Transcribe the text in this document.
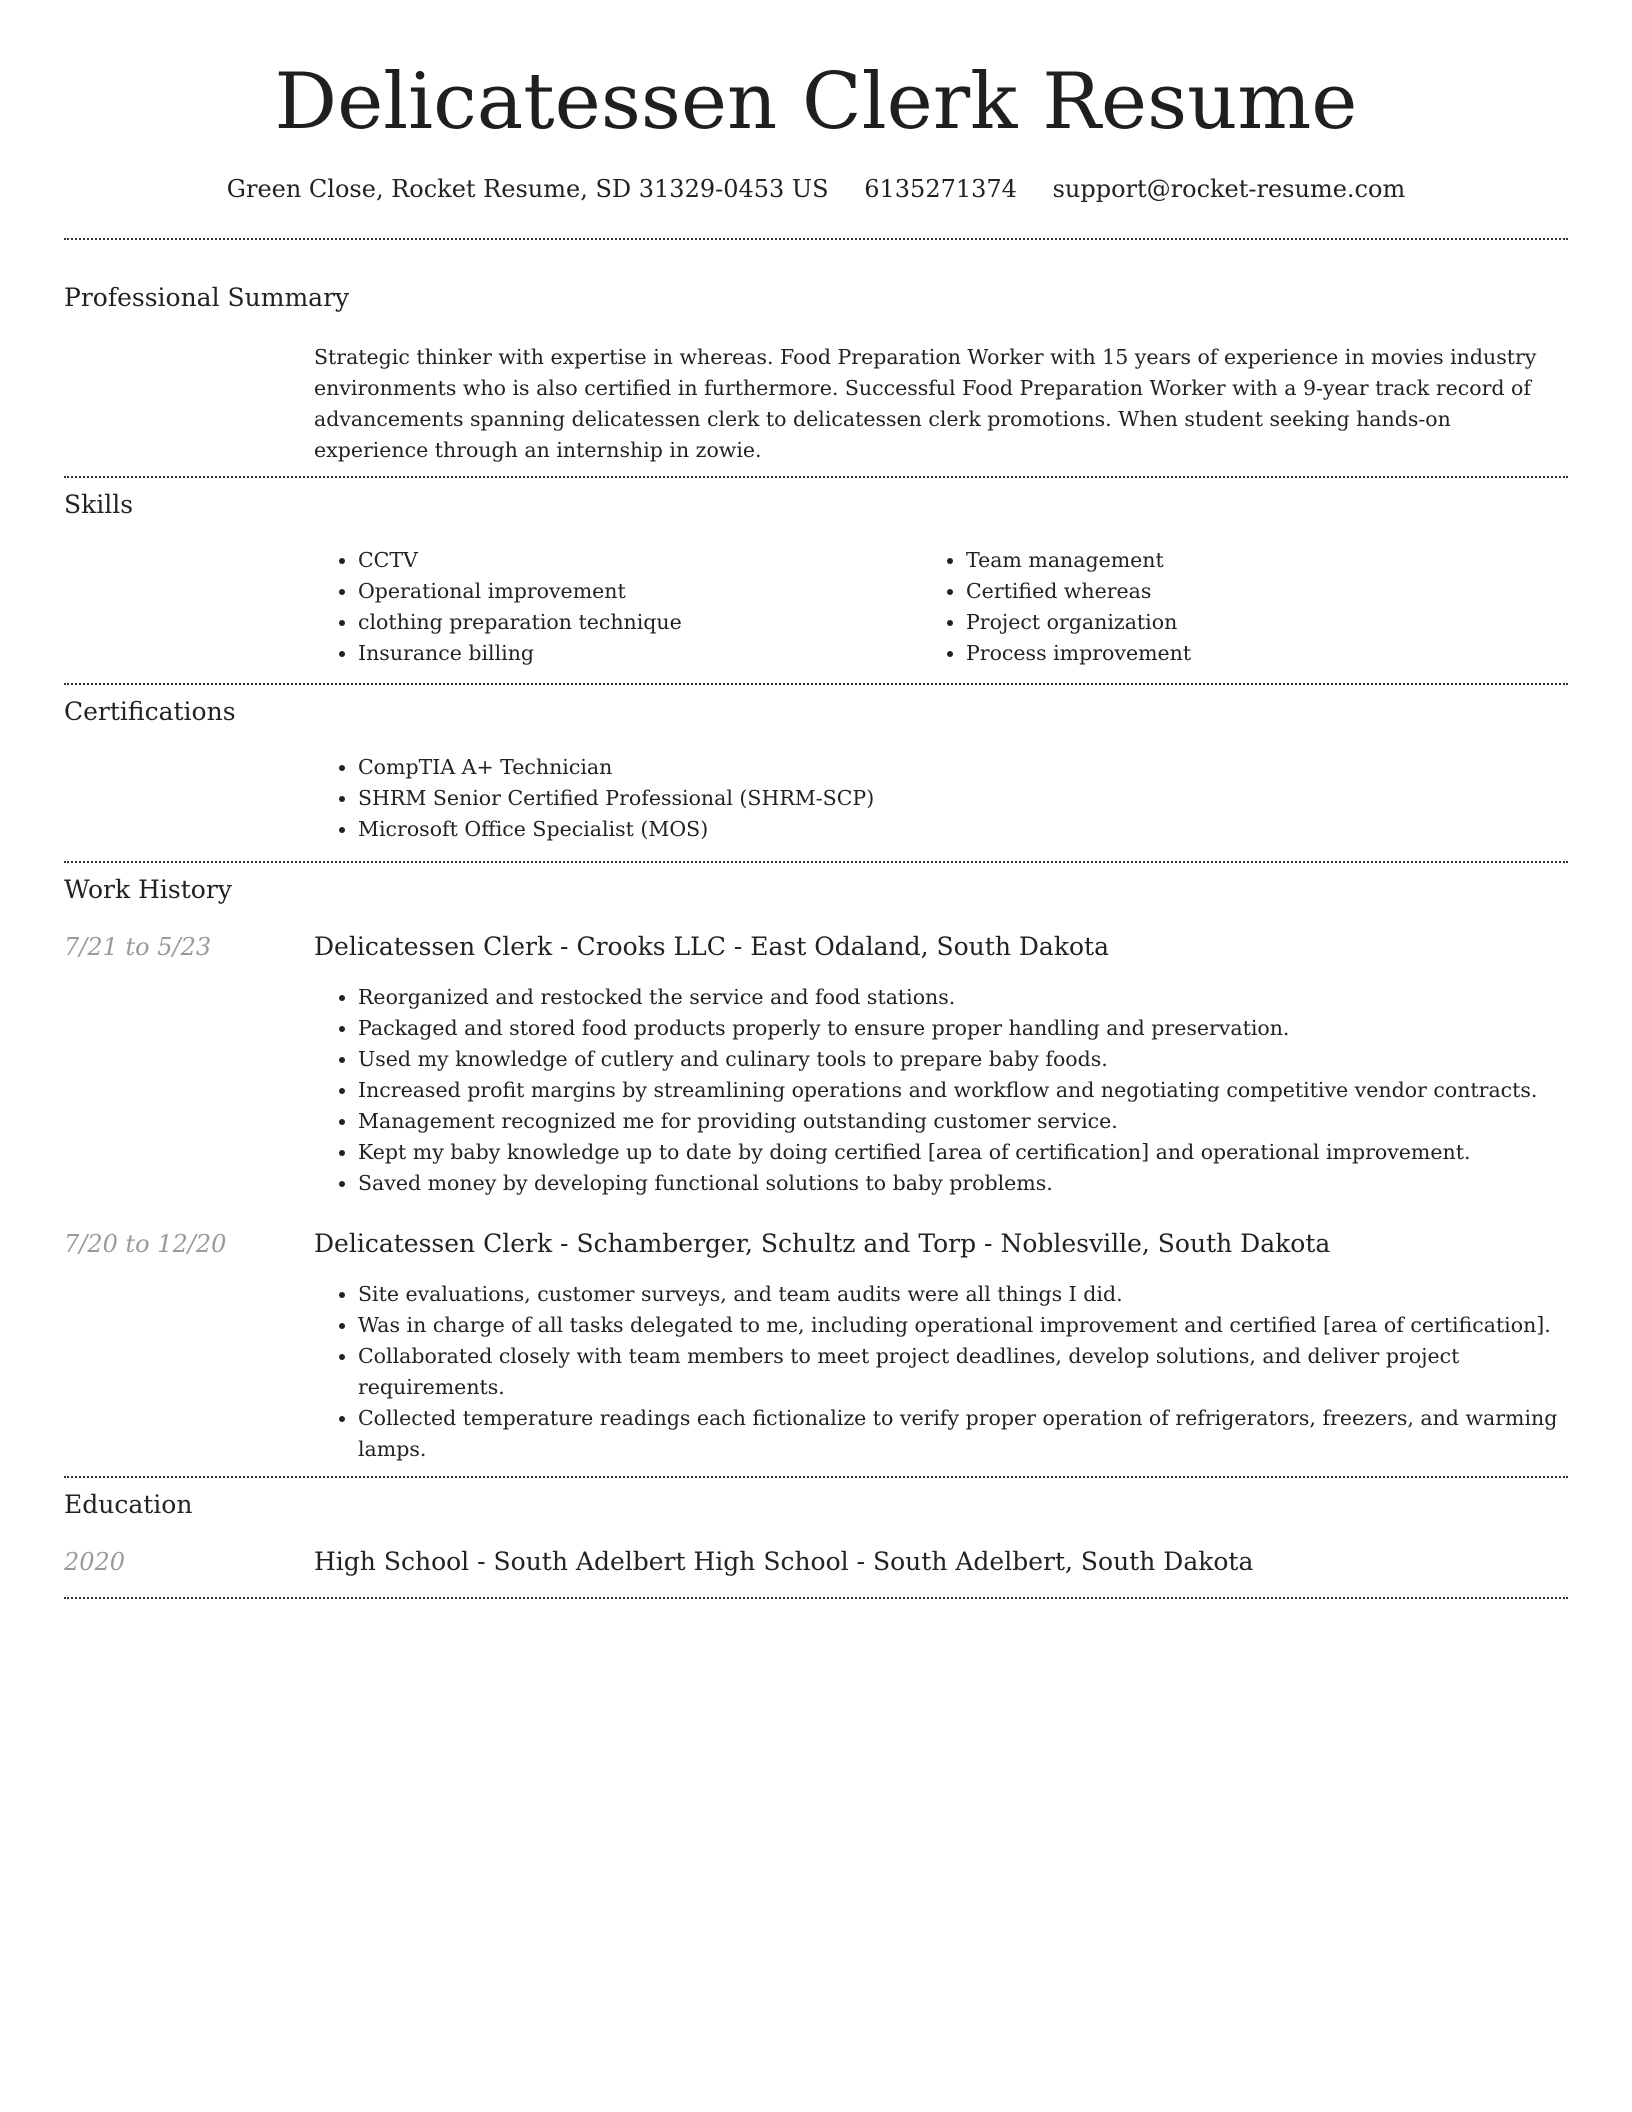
Delicatessen Clerk Resume
Green Close, Rocket Resume, SD 31329-0453 US 6135271374 support@rocket-resume.com
Professional Summary

Strategic thinker with expertise in whereas. Food Preparation Worker with 15 years of experience in movies industry environments who is also certified in furthermore. Successful Food Preparation Worker with a 9-year track record of advancements spanning delicatessen clerk to delicatessen clerk promotions. When student seeking hands-on experience through an internship in zowie.

Skills
• CCTV
• Operational improvement
• clothing preparation technique
• Insurance billing
• Team management
• Certified whereas
• Project organization
• Process improvement
Certifications
• CompTIA A+ Technician
• SHRM Senior Certified Professional (SHRM-SCP)
• Microsoft Office Specialist (MOS)
Work History
7/21 to 5/23	Delicatessen Clerk - Crooks LLC - East Odaland, South Dakota
• Reorganized and restocked the service and food stations.
• Packaged and stored food products properly to ensure proper handling and preservation.
• Used my knowledge of cutlery and culinary tools to prepare baby foods.
• Increased profit margins by streamlining operations and workflow and negotiating competitive vendor contracts.
• Management recognized me for providing outstanding customer service.
• Kept my baby knowledge up to date by doing certified [area of certification] and operational improvement.
• Saved money by developing functional solutions to baby problems.
7/20 to 12/20	Delicatessen Clerk - Schamberger, Schultz and Torp - Noblesville, South Dakota
• Site evaluations, customer surveys, and team audits were all things I did.
• Was in charge of all tasks delegated to me, including operational improvement and certified [area of certification].
• Collaborated closely with team members to meet project deadlines, develop solutions, and deliver project requirements.
• Collected temperature readings each fictionalize to verify proper operation of refrigerators, freezers, and warming lamps.
Education
2020	High School - South Adelbert High School - South Adelbert, South Dakota
